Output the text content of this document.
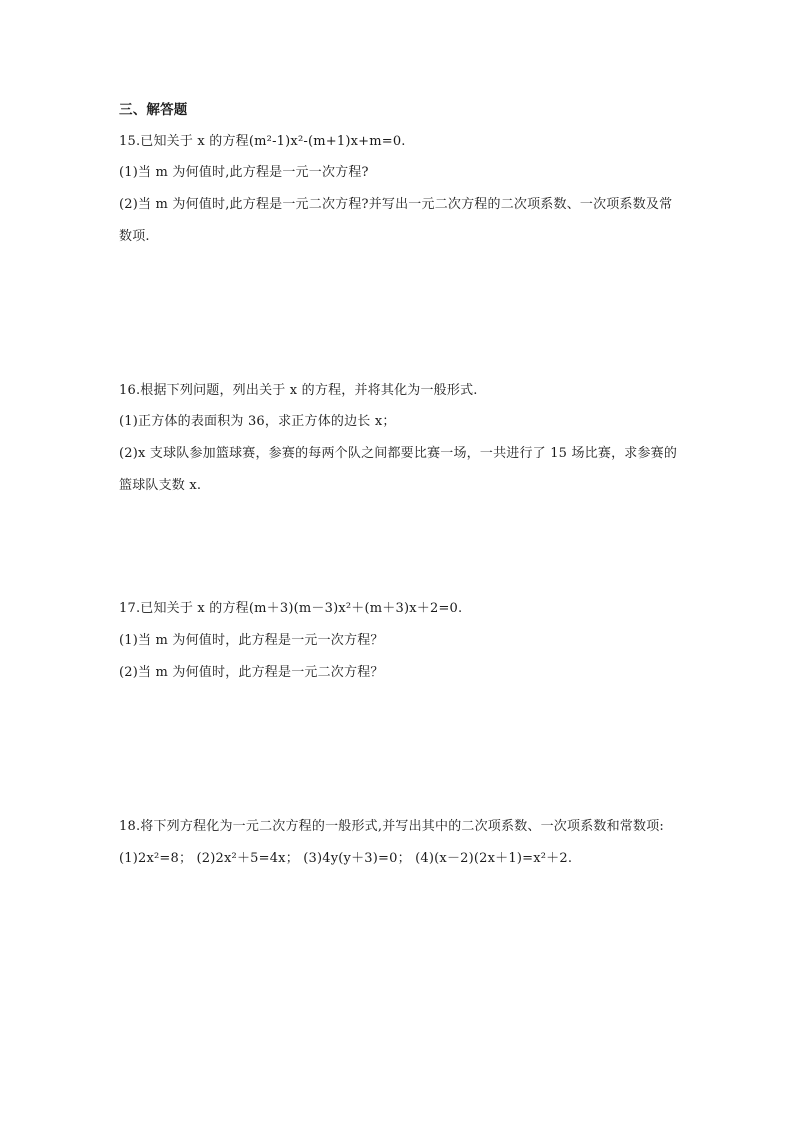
三、解答题
15.已知关于 x 的方程(m²-1)x²-(m+1)x+m=0.
(1)当 m 为何值时,此方程是一元一次方程?
(2)当 m 为何值时,此方程是一元二次方程?并写出一元二次方程的二次项系数、一次项系数及常
数项.
16.根据下列问题，列出关于 x 的方程，并将其化为一般形式.
(1)正方体的表面积为 36，求正方体的边长 x；
(2)x 支球队参加篮球赛，参赛的每两个队之间都要比赛一场，一共进行了 15 场比赛，求参赛的
篮球队支数 x.
17.已知关于 x 的方程(m＋3)(m－3)x²＋(m＋3)x＋2=0.
(1)当 m 为何值时，此方程是一元一次方程？
(2)当 m 为何值时，此方程是一元二次方程？
18.将下列方程化为一元二次方程的一般形式,并写出其中的二次项系数、一次项系数和常数项:
(1)2x²=8； (2)2x²＋5=4x； (3)4y(y＋3)=0； (4)(x－2)(2x＋1)=x²＋2.
